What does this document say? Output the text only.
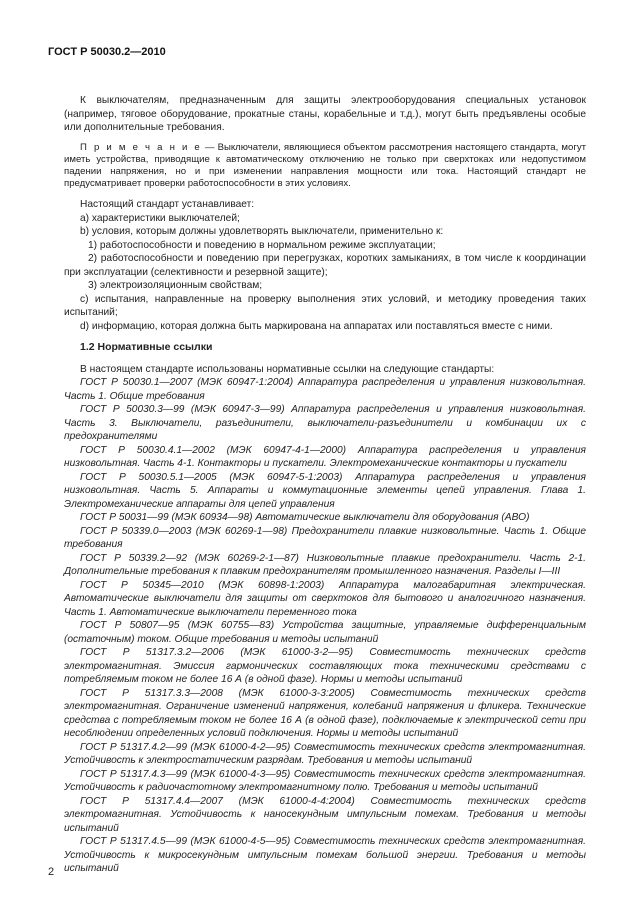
ГОСТ Р 50030.2—2010

К выключателям, предназначенным для защиты электрооборудования специальных установок (например, тяговое оборудование, прокатные станы, корабельные и т.д.), могут быть предъявлены особые или дополнительные требования.

П р и м е ч а н и е — Выключатели, являющиеся объектом рассмотрения настоящего стандарта, могут иметь устройства, приводящие к автоматическому отключению не только при сверхтоках или недопустимом падении напряжения, но и при изменении направления мощности или тока. Настоящий стандарт не предусматривает проверки работоспособности в этих условиях.

Настоящий стандарт устанавливает:

а) характеристики выключателей;

b) условия, которым должны удовлетворять выключатели, применительно к:

1) работоспособности и поведению в нормальном режиме эксплуатации;

2) работоспособности и поведению при перегрузках, коротких замыканиях, в том числе к координации при эксплуатации (селективности и резервной защите);

3) электроизоляционным свойствам;

c) испытания, направленные на проверку выполнения этих условий, и методику проведения таких испытаний;

d) информацию, которая должна быть маркирована на аппаратах или поставляться вместе с ними.

1.2 Нормативные ссылки

В настоящем стандарте использованы нормативные ссылки на следующие стандарты:

ГОСТ Р 50030.1—2007 (МЭК 60947-1:2004) Аппаратура распределения и управления низковольтная. Часть 1. Общие требования

ГОСТ Р 50030.3—99 (МЭК 60947-3—99) Аппаратура распределения и управления низковольтная. Часть 3. Выключатели, разъединители, выключатели-разъединители и комбинации их с предохранителями

ГОСТ Р 50030.4.1—2002 (МЭК 60947-4-1—2000) Аппаратура распределения и управления низковольтная. Часть 4-1. Контакторы и пускатели. Электромеханические контакторы и пускатели

ГОСТ Р 50030.5.1—2005 (МЭК 60947-5-1:2003) Аппаратура распределения и управления низковольтная. Часть 5. Аппараты и коммутационные элементы цепей управления. Глава 1. Электромеханические аппараты для цепей управления

ГОСТ Р 50031—99 (МЭК 60934—98) Автоматические выключатели для оборудования (АВО)

ГОСТ Р 50339.0—2003 (МЭК 60269-1—98) Предохранители плавкие низковольтные. Часть 1. Общие требования

ГОСТ Р 50339.2—92 (МЭК 60269-2-1—87) Низковольтные плавкие предохранители. Часть 2-1. Дополнительные требования к плавким предохранителям промышленного назначения. Разделы I—III

ГОСТ Р 50345—2010 (МЭК 60898-1:2003) Аппаратура малогабаритная электрическая. Автоматические выключатели для защиты от сверхтоков для бытового и аналогичного назначения. Часть 1. Автоматические выключатели переменного тока

ГОСТ Р 50807—95 (МЭК 60755—83) Устройства защитные, управляемые дифференциальным (остаточным) током. Общие требования и методы испытаний

ГОСТ Р 51317.3.2—2006 (МЭК 61000-3-2—95) Совместимость технических средств электромагнитная. Эмиссия гармонических составляющих тока техническими средствами с потребляемым током не более 16 А (в одной фазе). Нормы и методы испытаний

ГОСТ Р 51317.3.3—2008 (МЭК 61000-3-3:2005) Совместимость технических средств электромагнитная. Ограничение изменений напряжения, колебаний напряжения и фликера. Технические средства с потребляемым током не более 16 А (в одной фазе), подключаемые к электрической сети при несоблюдении определенных условий подключения. Нормы и методы испытаний

ГОСТ Р 51317.4.2—99 (МЭК 61000-4-2—95) Совместимость технических средств электромагнитная. Устойчивость к электростатическим разрядам. Требования и методы испытаний

ГОСТ Р 51317.4.3—99 (МЭК 61000-4-3—95) Совместимость технических средств электромагнитная. Устойчивость к радиочастотному электромагнитному полю. Требования и методы испытаний

ГОСТ Р 51317.4.4—2007 (МЭК 61000-4-4:2004) Совместимость технических средств электромагнитная. Устойчивость к наносекундным импульсным помехам. Требования и методы испытаний

ГОСТ Р 51317.4.5—99 (МЭК 61000-4-5—95) Совместимость технических средств электромагнитная. Устойчивость к микросекундным импульсным помехам большой энергии. Требования и методы испытаний

2
